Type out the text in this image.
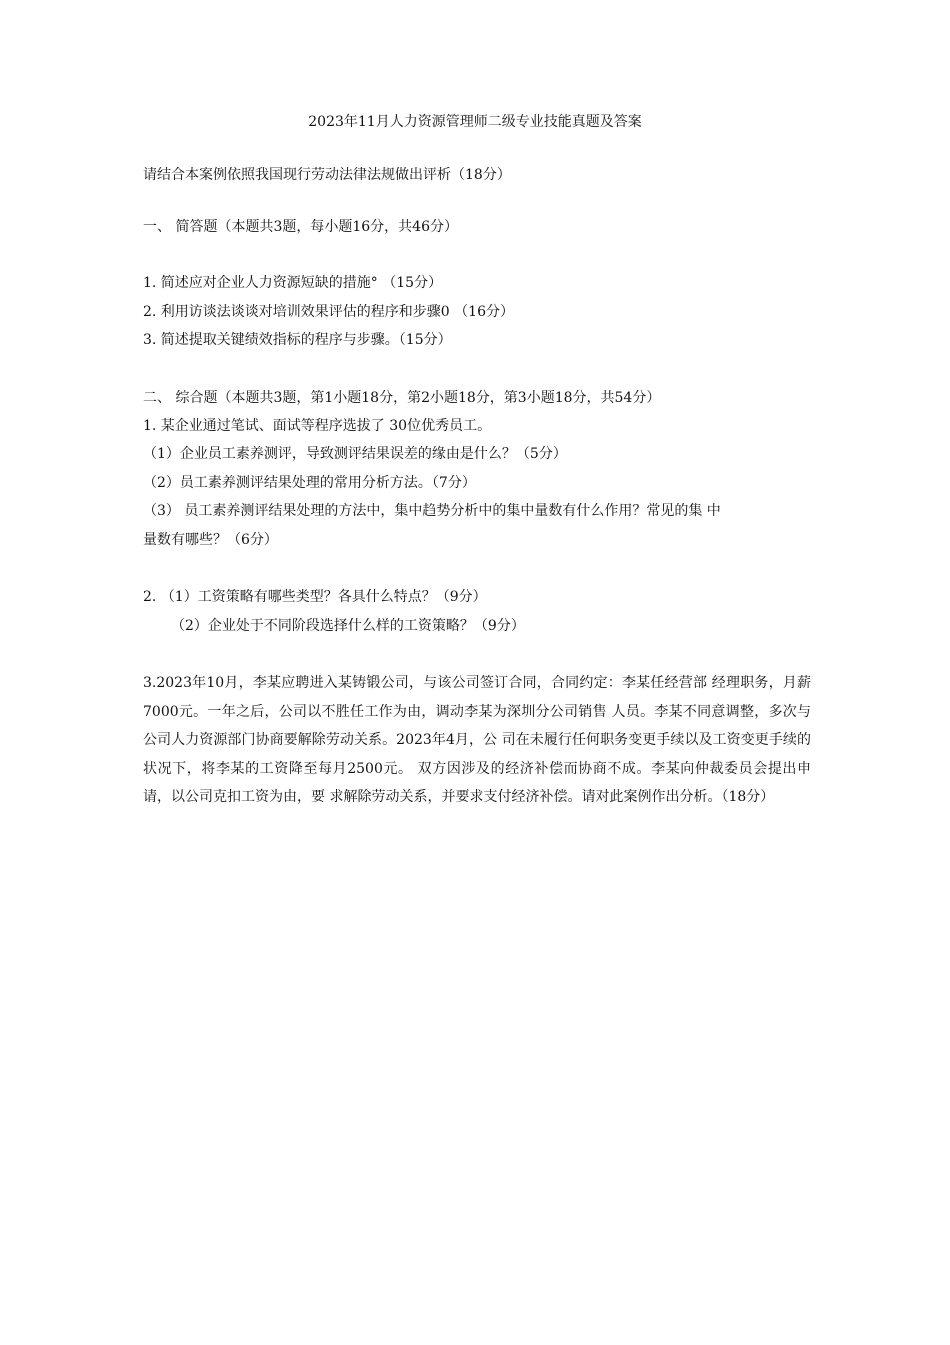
2023年11月人力资源管理师二级专业技能真题及答案
请结合本案例依照我国现行劳动法律法规做出评析（18分）
一、 简答题（本题共3题，每小题16分，共46分）
1. 简述应对企业人力资源短缺的措施° （15分）
2. 利用访谈法谈谈对培训效果评估的程序和步骤0 （16分）
3. 简述提取关键绩效指标的程序与步骤。（15分）
二、 综合题（本题共3题，第1小题18分，第2小题18分，第3小题18分，共54分）
1. 某企业通过笔试、面试等程序选拔了 30位优秀员工。
（1）企业员工素养测评，导致测评结果误差的缘由是什么？（5分）
（2）员工素养测评结果处理的常用分析方法。（7分）
（3） 员工素养测评结果处理的方法中，集中趋势分析中的集中量数有什么作用？常见的集 中
量数有哪些？（6分）
2. （1）工资策略有哪些类型？各具什么特点？（9分）
（2）企业处于不同阶段选择什么样的工资策略？（9分）
3.2023年10月，李某应聘进入某铸锻公司，与该公司签订合同，合同约定：李某任经营部 经理职务，月薪7000元。一年之后，公司以不胜任工作为由，调动李某为深圳分公司销售 人员。李某不同意调整，多次与公司人力资源部门协商要解除劳动关系。2023年4月，公 司在未履行任何职务变更手续以及工资变更手续的状况下，将李某的工资降至每月2500元。 双方因涉及的经济补偿而协商不成。李某向仲裁委员会提出申请，以公司克扣工资为由，要 求解除劳动关系，并要求支付经济补偿。请对此案例作出分析。（18分）
